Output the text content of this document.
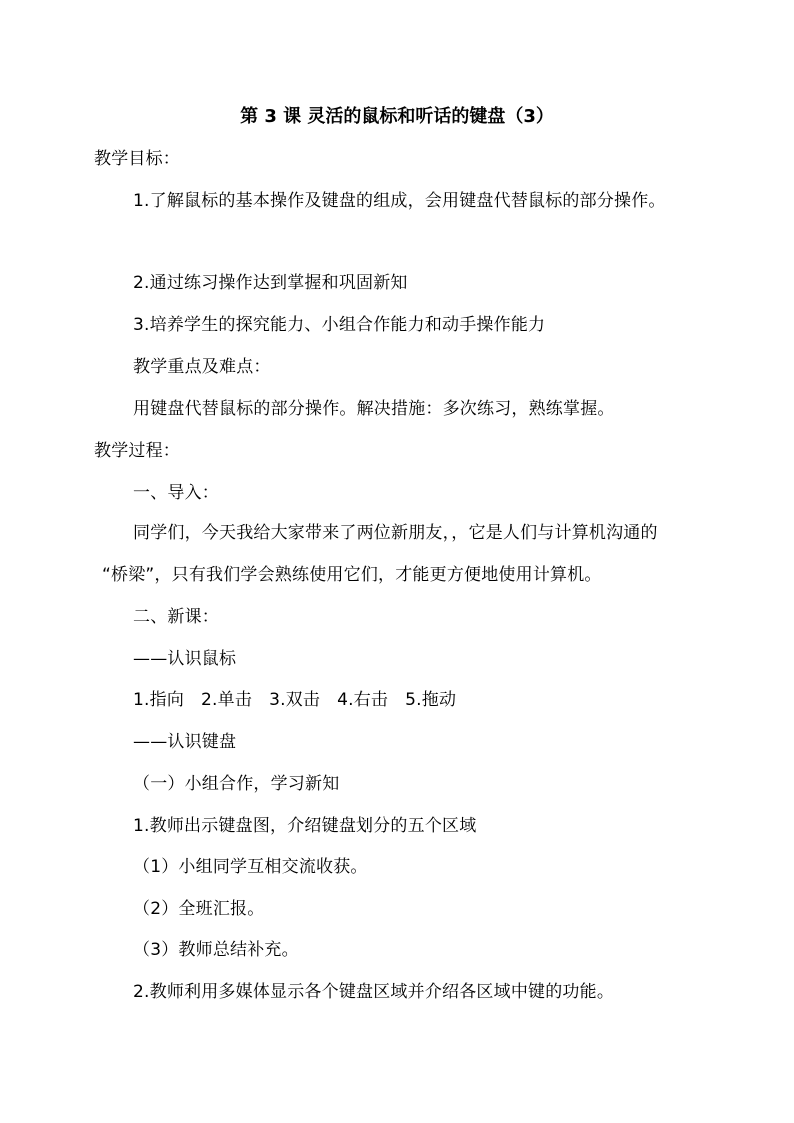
第 3 课 灵活的鼠标和听话的键盘（3）
教学目标：
1.了解鼠标的基本操作及键盘的组成，会用键盘代替鼠标的部分操作。
2.通过练习操作达到掌握和巩固新知
3.培养学生的探究能力、小组合作能力和动手操作能力
教学重点及难点：
用键盘代替鼠标的部分操作。解决措施：多次练习，熟练掌握。
教学过程：
一、导入：
同学们，今天我给大家带来了两位新朋友，，它是人们与计算机沟通的
“桥梁”，只有我们学会熟练使用它们，才能更方便地使用计算机。
二、新课：
——认识鼠标
1.指向 2.单击 3.双击 4.右击 5.拖动
——认识键盘
（一）小组合作，学习新知
1.教师出示键盘图，介绍键盘划分的五个区域
（1）小组同学互相交流收获。
（2）全班汇报。
（3）教师总结补充。
2.教师利用多媒体显示各个键盘区域并介绍各区域中键的功能。
